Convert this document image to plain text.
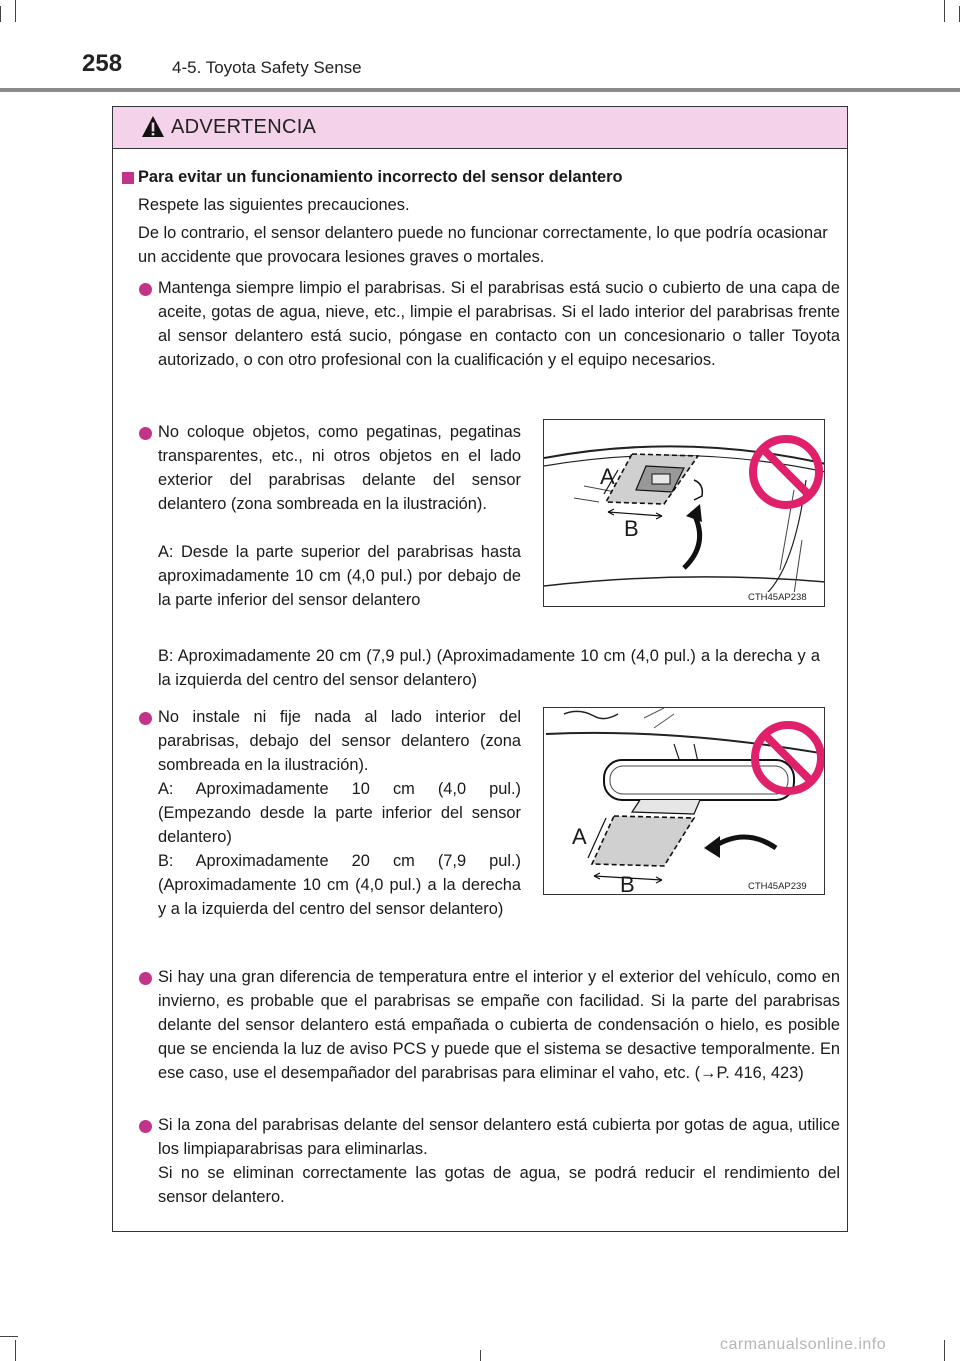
258	4-5. Toyota Safety Sense
ADVERTENCIA
Para evitar un funcionamiento incorrecto del sensor delantero
Respete las siguientes precauciones.
De lo contrario, el sensor delantero puede no funcionar correctamente, lo que podría ocasionar un accidente que provocara lesiones graves o mortales.
Mantenga siempre limpio el parabrisas. Si el parabrisas está sucio o cubierto de una capa de aceite, gotas de agua, nieve, etc., limpie el parabrisas. Si el lado interior del parabrisas frente al sensor delantero está sucio, póngase en contacto con un concesionario o taller Toyota autorizado, o con otro profesional con la cualificación y el equipo necesarios.
No coloque objetos, como pegatinas, pegatinas transparentes, etc., ni otros objetos en el lado exterior del parabrisas delante del sensor delantero (zona sombreada en la ilustración).
A: Desde la parte superior del parabrisas hasta aproximadamente 10 cm (4,0 pul.) por debajo de la parte inferior del sensor delantero
B: Aproximadamente 20 cm (7,9 pul.) (Aproximadamente 10 cm (4,0 pul.) a la derecha y a la izquierda del centro del sensor delantero)
No instale ni fije nada al lado interior del parabrisas, debajo del sensor delantero (zona sombreada en la ilustración).
A: Aproximadamente 10 cm (4,0 pul.) (Empezando desde la parte inferior del sensor delantero)
B: Aproximadamente 20 cm (7,9 pul.) (Aproximadamente 10 cm (4,0 pul.) a la derecha y a la izquierda del centro del sensor delantero)
Si hay una gran diferencia de temperatura entre el interior y el exterior del vehículo, como en invierno, es probable que el parabrisas se empañe con facilidad. Si la parte del parabrisas delante del sensor delantero está empañada o cubierta de condensación o hielo, es posible que se encienda la luz de aviso PCS y puede que el sistema se desactive temporalmente. En ese caso, use el desempañador del parabrisas para eliminar el vaho, etc. (→P. 416, 423)
Si la zona del parabrisas delante del sensor delantero está cubierta por gotas de agua, utilice los limpiaparabrisas para eliminarlas.
Si no se eliminan correctamente las gotas de agua, se podrá reducir el rendimiento del sensor delantero.
A
B
CTH45AP238
A
B	CTH45AP239
carmanualsonline.info
